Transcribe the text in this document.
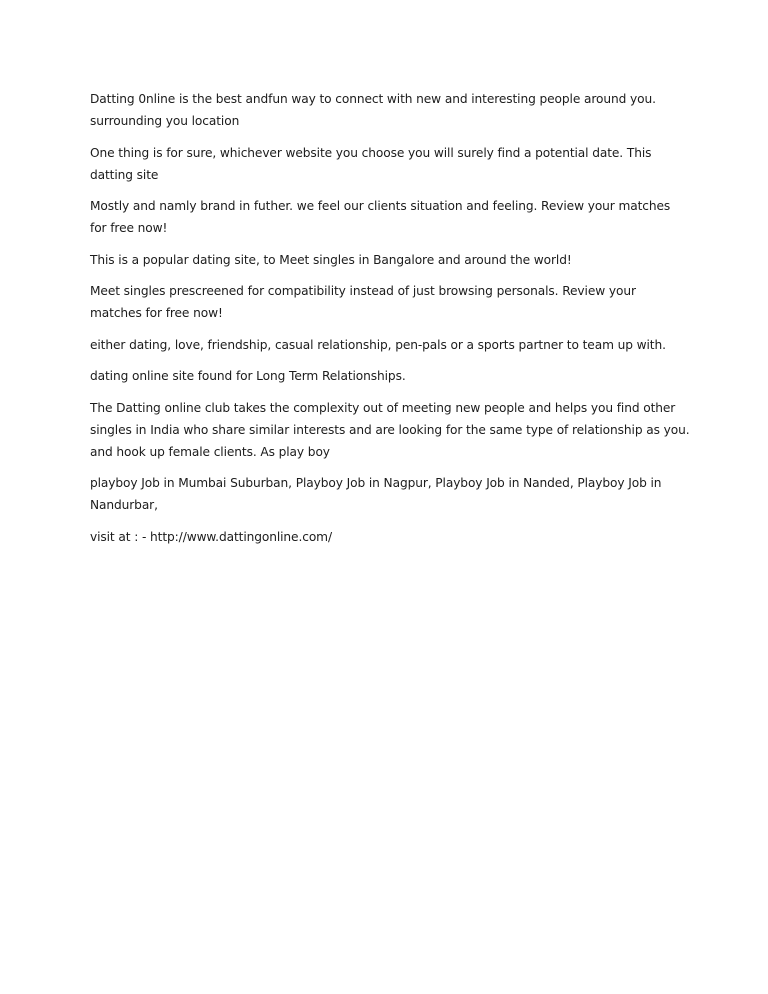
Datting 0nline is the best andfun way to connect with new and interesting people around you. surrounding you location

One thing is for sure, whichever website you choose you will surely find a potential date. This datting site

Mostly and namly brand in futher. we feel our clients situation and feeling. Review your matches for free now!

This is a popular dating site, to Meet singles in Bangalore and around the world!

Meet singles prescreened for compatibility instead of just browsing personals. Review your matches for free now!

either dating, love, friendship, casual relationship, pen-pals or a sports partner to team up with.

dating online site found for Long Term Relationships.

The Datting online club takes the complexity out of meeting new people and helps you find other singles in India who share similar interests and are looking for the same type of relationship as you. and hook up female clients. As play boy

playboy Job in Mumbai Suburban, Playboy Job in Nagpur, Playboy Job in Nanded, Playboy Job in Nandurbar,

visit at : - http://www.dattingonline.com/
